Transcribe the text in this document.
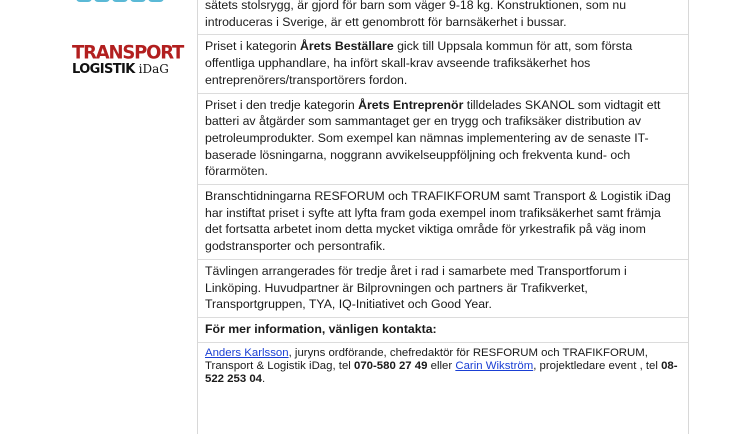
TRANSPORT
LOGISTIK iDaG
sätets stolsrygg, är gjord för barn som väger 9-18 kg. Konstruktionen, som nu
introduceras i Sverige, är ett genombrott för barnsäkerhet i bussar.
Priset i kategorin Årets Beställare gick till Uppsala kommun för att, som första offentliga upphandlare, ha infört skall-krav avseende trafiksäkerhet hos entreprenörers/transportörers fordon.
Priset i den tredje kategorin Årets Entreprenör tilldelades SKANOL som vidtagit ett batteri av åtgärder som sammantaget ger en trygg och trafiksäker distribution av petroleumprodukter. Som exempel kan nämnas implementering av de senaste IT-baserade lösningarna, noggrann avvikelseuppföljning och frekventa kund- och förarmöten.
Branschtidningarna RESFORUM och TRAFIKFORUM samt Transport & Logistik iDag har instiftat priset i syfte att lyfta fram goda exempel inom trafiksäkerhet samt främja det fortsatta arbetet inom detta mycket viktiga område för yrkestrafik på väg inom godstransporter och persontrafik.
Tävlingen arrangerades för tredje året i rad i samarbete med Transportforum i Linköping. Huvudpartner är Bilprovningen och partners är Trafikverket, Transportgruppen, TYA, IQ-Initiativet och Good Year.
För mer information, vänligen kontakta:
Anders Karlsson, juryns ordförande, chefredaktör för RESFORUM och TRAFIKFORUM, Transport & Logistik iDag, tel 070-580 27 49 eller Carin Wikström, projektledare event , tel 08-522 253 04.
